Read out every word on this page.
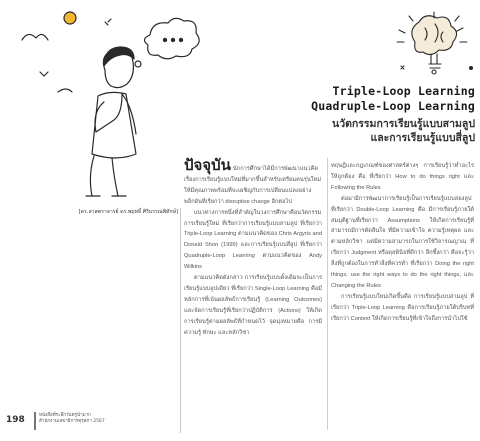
Triple-Loop Learning
Quadruple-Loop Learning
นวัตกรรมการเรียนรู้แบบสามลูป
และการเรียนรู้แบบสี่ลูป
[ดร.สาสตราจารย์ ดร.พฤทธิ์ ศิริบรรณพิทักษ์]

ปัจจุบัน นักการศึกษาได้มีการพัฒนาแนวคิดเรื่องการเรียนรู้แบบใหม่ที่มากขึ้นสำหรับเตรียมคนรุ่นใหม่ให้มีคุณภาพพร้อมที่จะเผชิญกับการเปลี่ยนแปลงอย่างพลิกผันที่เรียกว่า disruptive change อีกต่อไป

แนวทางการหนึ่งที่สำคัญในวงการศึกษาคือนวัตกรรมการเรียนรู้ใหม่ ที่เรียกว่าการเรียนรู้แบบสามลูป ที่เรียกว่า Triple-Loop Learning ตามแนวคิดของ Chris Argyris and Donald Shon (1999) และการเรียนรู้แบบสี่ลูป ที่เรียกว่า Quadruple-Loop Learning ตามแนวคิดของ Andy Wilkins

ตามแนวคิดดังกล่าว การเรียนรู้แบบดั้งเดิมจะเป็นการเรียนรู้แบบลูปเดียว ที่เรียกว่า Single-Loop Learning คือมีหลักการที่เน้นผลลัพธ์การเรียนรู้ (Learning Outcomes) และจัดการเรียนรู้ที่เรียกว่าปฏิบัติการ (Actions) ให้เกิดการเรียนรู้ตามผลลัพธ์ที่กำหนดไว้ จุดมุ่งหมายคือ การมีความรู้ ทักษะ และหลักวิชา

ทฤษฎีและกฎเกณฑ์ของศาสตร์ต่างๆ การเรียนรู้ว่าทำอะไรให้ถูกต้อง คือ ที่เรียกว่า How to do things right และ Following the Rules

ต่อมามีการพัฒนาการเรียนรู้เป็นการเรียนรู้แบบสองลูป ที่เรียกว่า Double-Loop Learning คือ มีการเรียนรู้ภายใต้สมมุติฐานที่เรียกว่า Assumptions ให้เกิดการเรียนรู้ที่สามารถมีการตัดสินใจ ที่มีความเข้าใจ ความรู้เหตุผล และตามหลักวิชา แต่มีความสามารถในการใช้วิจารณญาณ ที่เรียกว่า Judgment หรือดุลพินิจที่ดีกว่า ลึกซึ้งกว่า คือจะรู้ว่าสิ่งที่ถูกต้องในการทำสิ่งที่ควรทำ ที่เรียกว่า Doing the right things, use the right ways to do the right things, และ Changing the Rules

การเรียนรู้แบบใหม่เกิดขึ้นคือ การเรียนรู้แบบสามลูป ที่เรียกว่า Triple-Loop Learning คือการเรียนรู้ภายใต้บริบทที่เรียกว่า Context ให้เกิดการเรียนรู้ที่เข้าใจถึงการนำไปใช้

198	หนังสือที่ระลึกวันครูนำมาก
สำนักงานเลขาธิการคุรุสภา 2567
